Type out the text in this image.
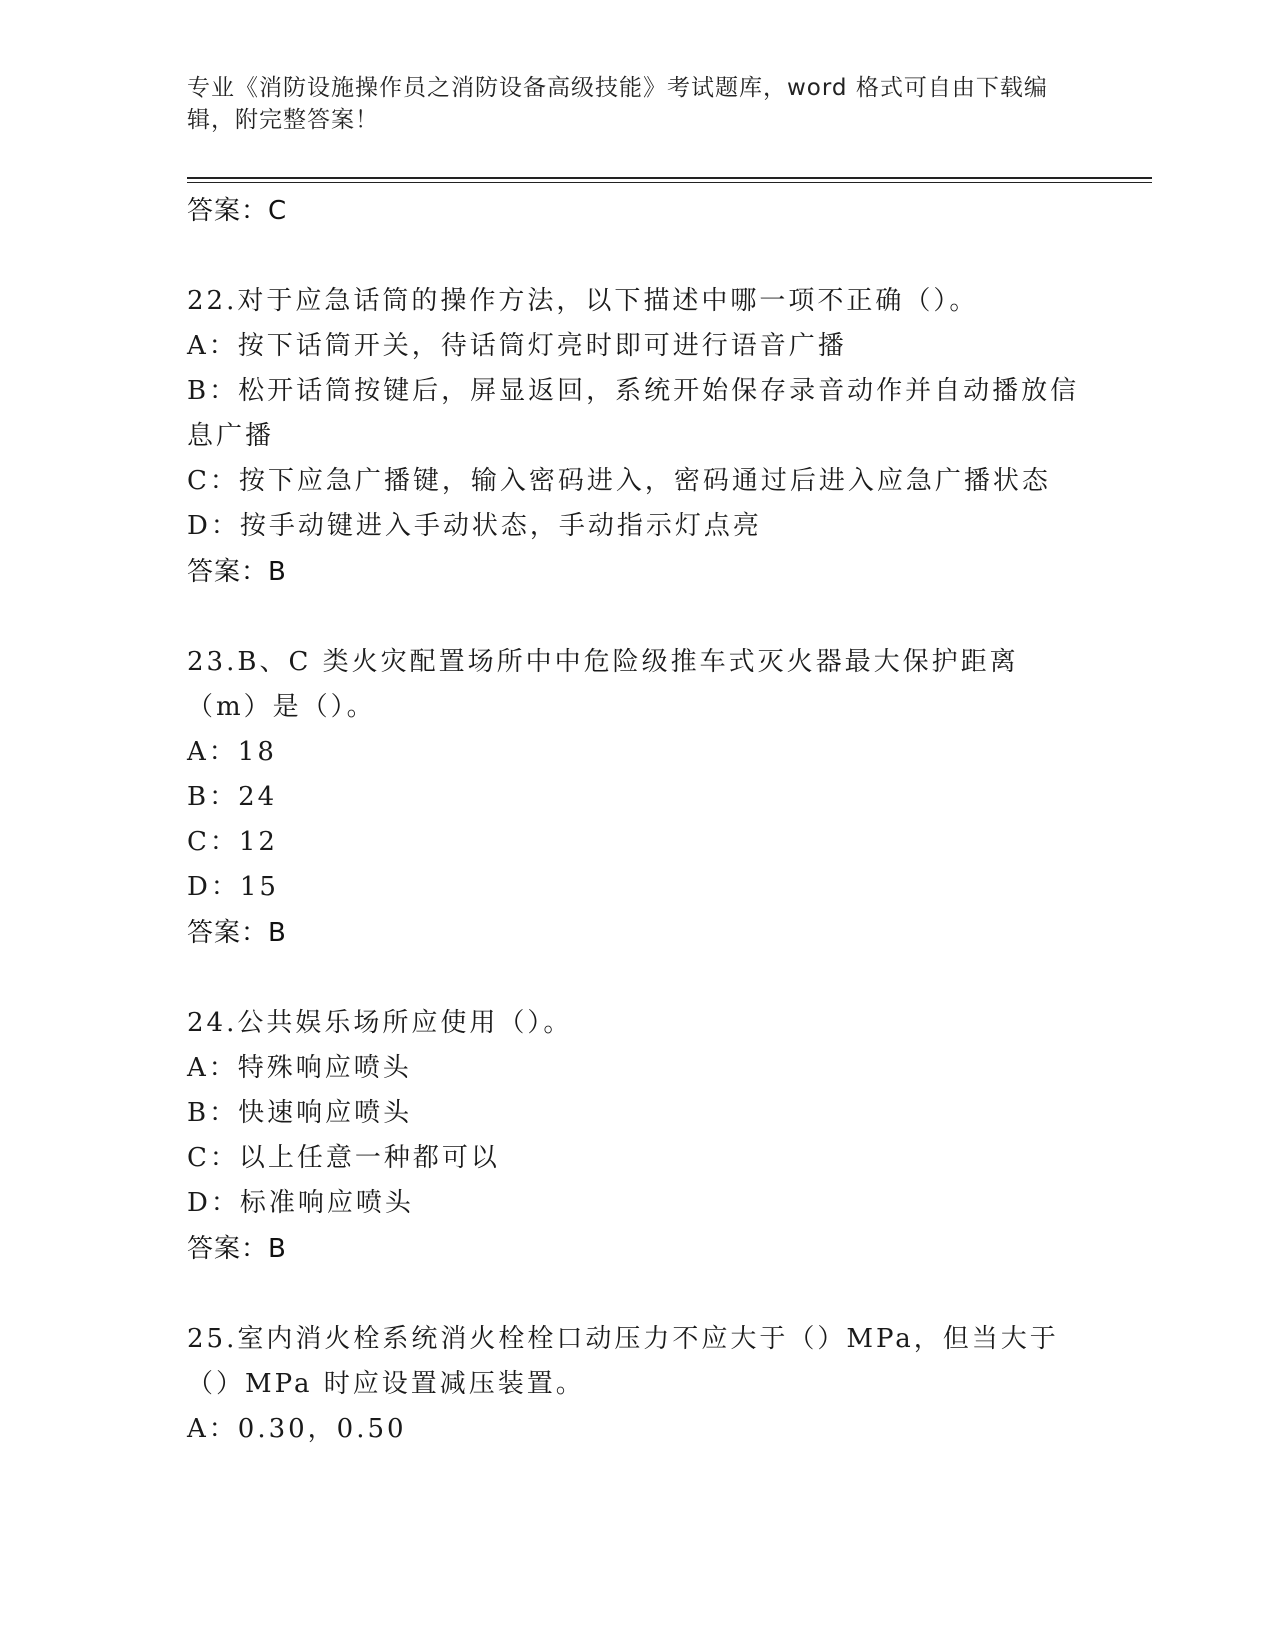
专业《消防设施操作员之消防设备高级技能》考试题库，word 格式可自由下载编辑，附完整答案！
答案：C
22.对于应急话筒的操作方法，以下描述中哪一项不正确（）。
A：按下话筒开关，待话筒灯亮时即可进行语音广播
B：松开话筒按键后，屏显返回，系统开始保存录音动作并自动播放信息广播
C：按下应急广播键，输入密码进入，密码通过后进入应急广播状态
D：按手动键进入手动状态，手动指示灯点亮
答案：B
23.B、C 类火灾配置场所中中危险级推车式灭火器最大保护距离（m）是（）。
A：18
B：24
C：12
D：15
答案：B
24.公共娱乐场所应使用（）。
A：特殊响应喷头
B：快速响应喷头
C：以上任意一种都可以
D：标准响应喷头
答案：B
25.室内消火栓系统消火栓栓口动压力不应大于（）MPa，但当大于（）MPa 时应设置减压装置。
A：0.30，0.50
